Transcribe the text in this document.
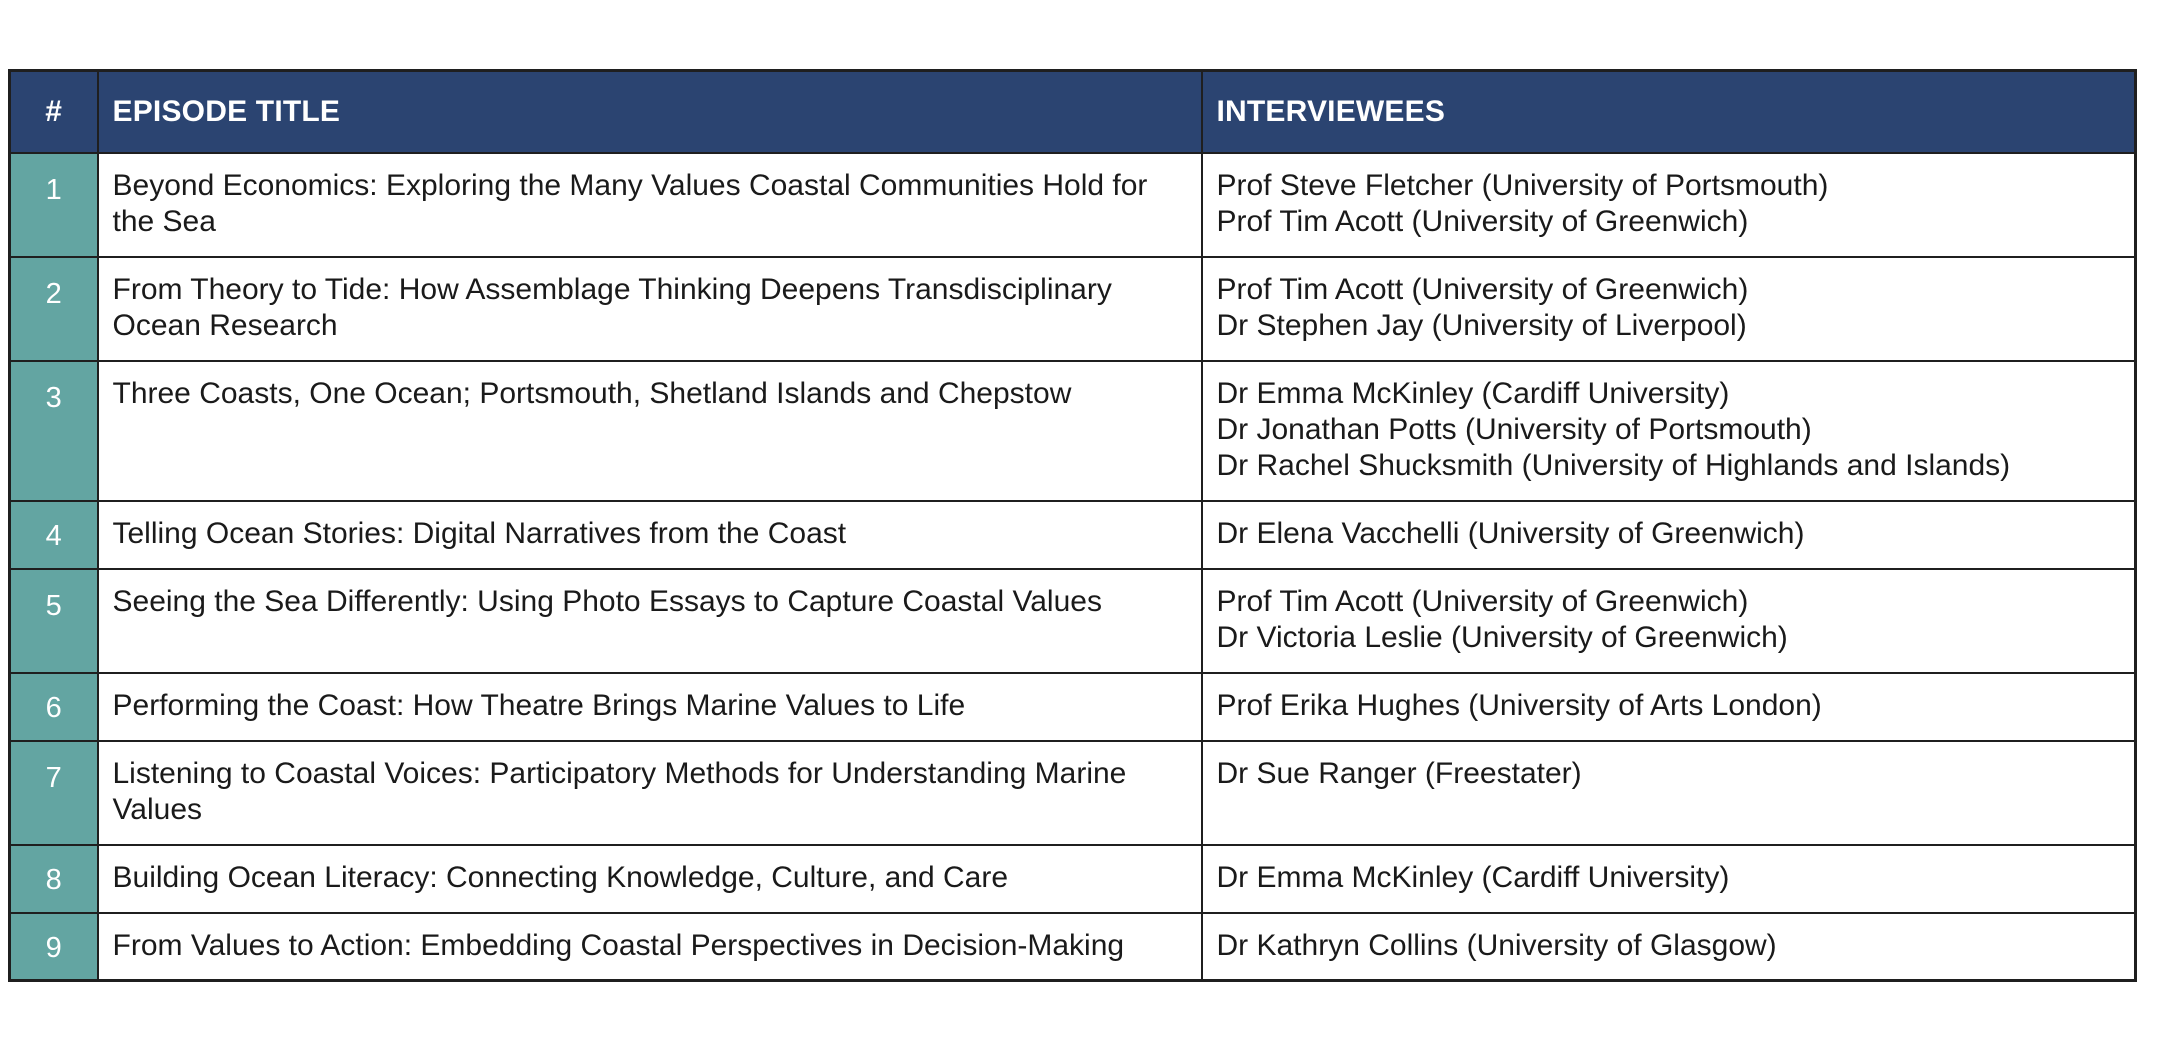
#	EPISODE TITLE	INTERVIEWEES
1	Beyond Economics: Exploring the Many Values Coastal Communities Hold for the Sea	Prof Steve Fletcher (University of Portsmouth)
Prof Tim Acott (University of Greenwich)

2	From Theory to Tide: How Assemblage Thinking Deepens Transdisciplinary Ocean Research	Prof Tim Acott (University of Greenwich)
Dr Stephen Jay (University of Liverpool)

3	Three Coasts, One Ocean; Portsmouth, Shetland Islands and Chepstow	Dr Emma McKinley (Cardiff University)
Dr Jonathan Potts (University of Portsmouth)
Dr Rachel Shucksmith (University of Highlands and Islands)

4	Telling Ocean Stories: Digital Narratives from the Coast	Dr Elena Vacchelli (University of Greenwich)

5	Seeing the Sea Differently: Using Photo Essays to Capture Coastal Values	Prof Tim Acott (University of Greenwich)
Dr Victoria Leslie (University of Greenwich)

6	Performing the Coast: How Theatre Brings Marine Values to Life	Prof Erika Hughes (University of Arts London)

7	Listening to Coastal Voices: Participatory Methods for Understanding Marine Values	Dr Sue Ranger (Freestater)

8	Building Ocean Literacy: Connecting Knowledge, Culture, and Care	Dr Emma McKinley (Cardiff University)

9	From Values to Action: Embedding Coastal Perspectives in Decision-Making	Dr Kathryn Collins (University of Glasgow)
